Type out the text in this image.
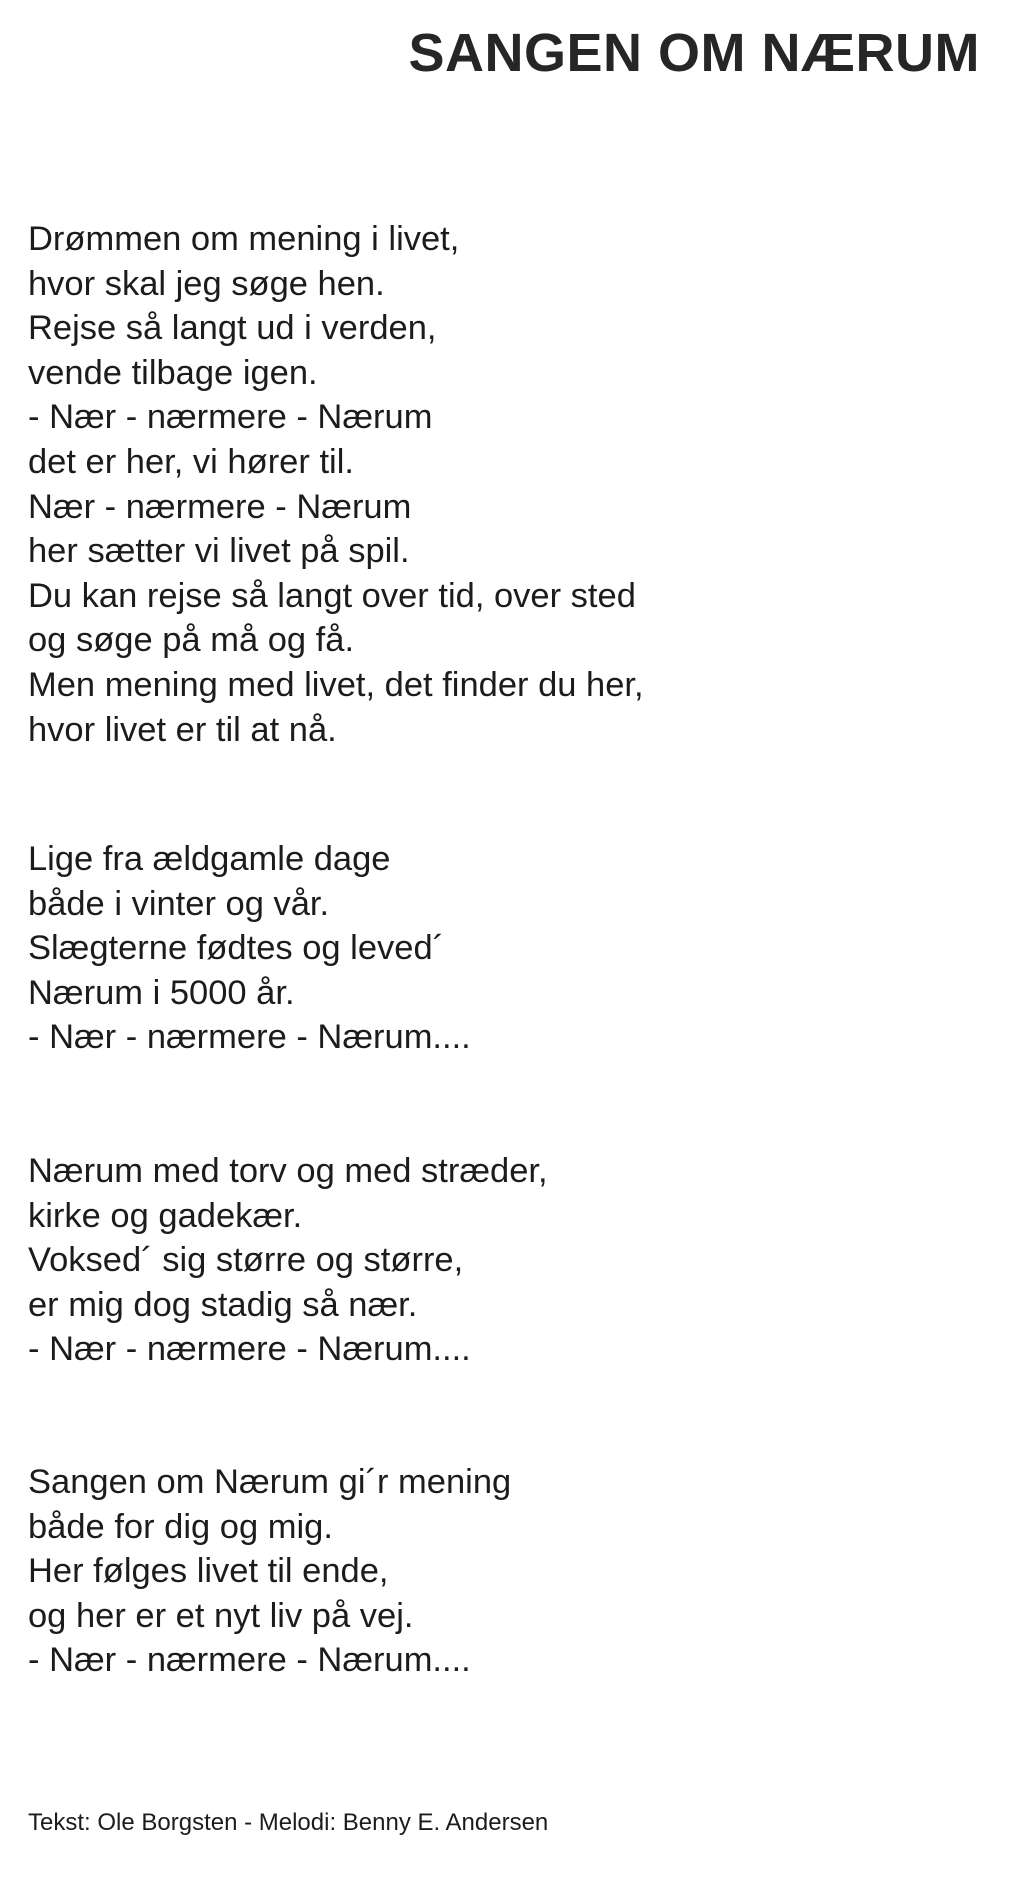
SANGEN OM NÆRUM
Drømmen om mening i livet,
hvor skal jeg søge hen.
Rejse så langt ud i verden,
vende tilbage igen.
- Nær - nærmere - Nærum
det er her, vi hører til.
Nær - nærmere - Nærum
her sætter vi livet på spil.
Du kan rejse så langt over tid, over sted
og søge på må og få.
Men mening med livet, det finder du her,
hvor livet er til at nå.
Lige fra ældgamle dage
både i vinter og vår.
Slægterne fødtes og leved´
Nærum i 5000 år.
- Nær - nærmere - Nærum....
Nærum med torv og med stræder,
kirke og gadekær.
Voksed´ sig større og større,
er mig dog stadig så nær.
- Nær - nærmere - Nærum....
Sangen om Nærum gi´r mening
både for dig og mig.
Her følges livet til ende,
og her er et nyt liv på vej.
- Nær - nærmere - Nærum....

Tekst: Ole Borgsten - Melodi: Benny E. Andersen
